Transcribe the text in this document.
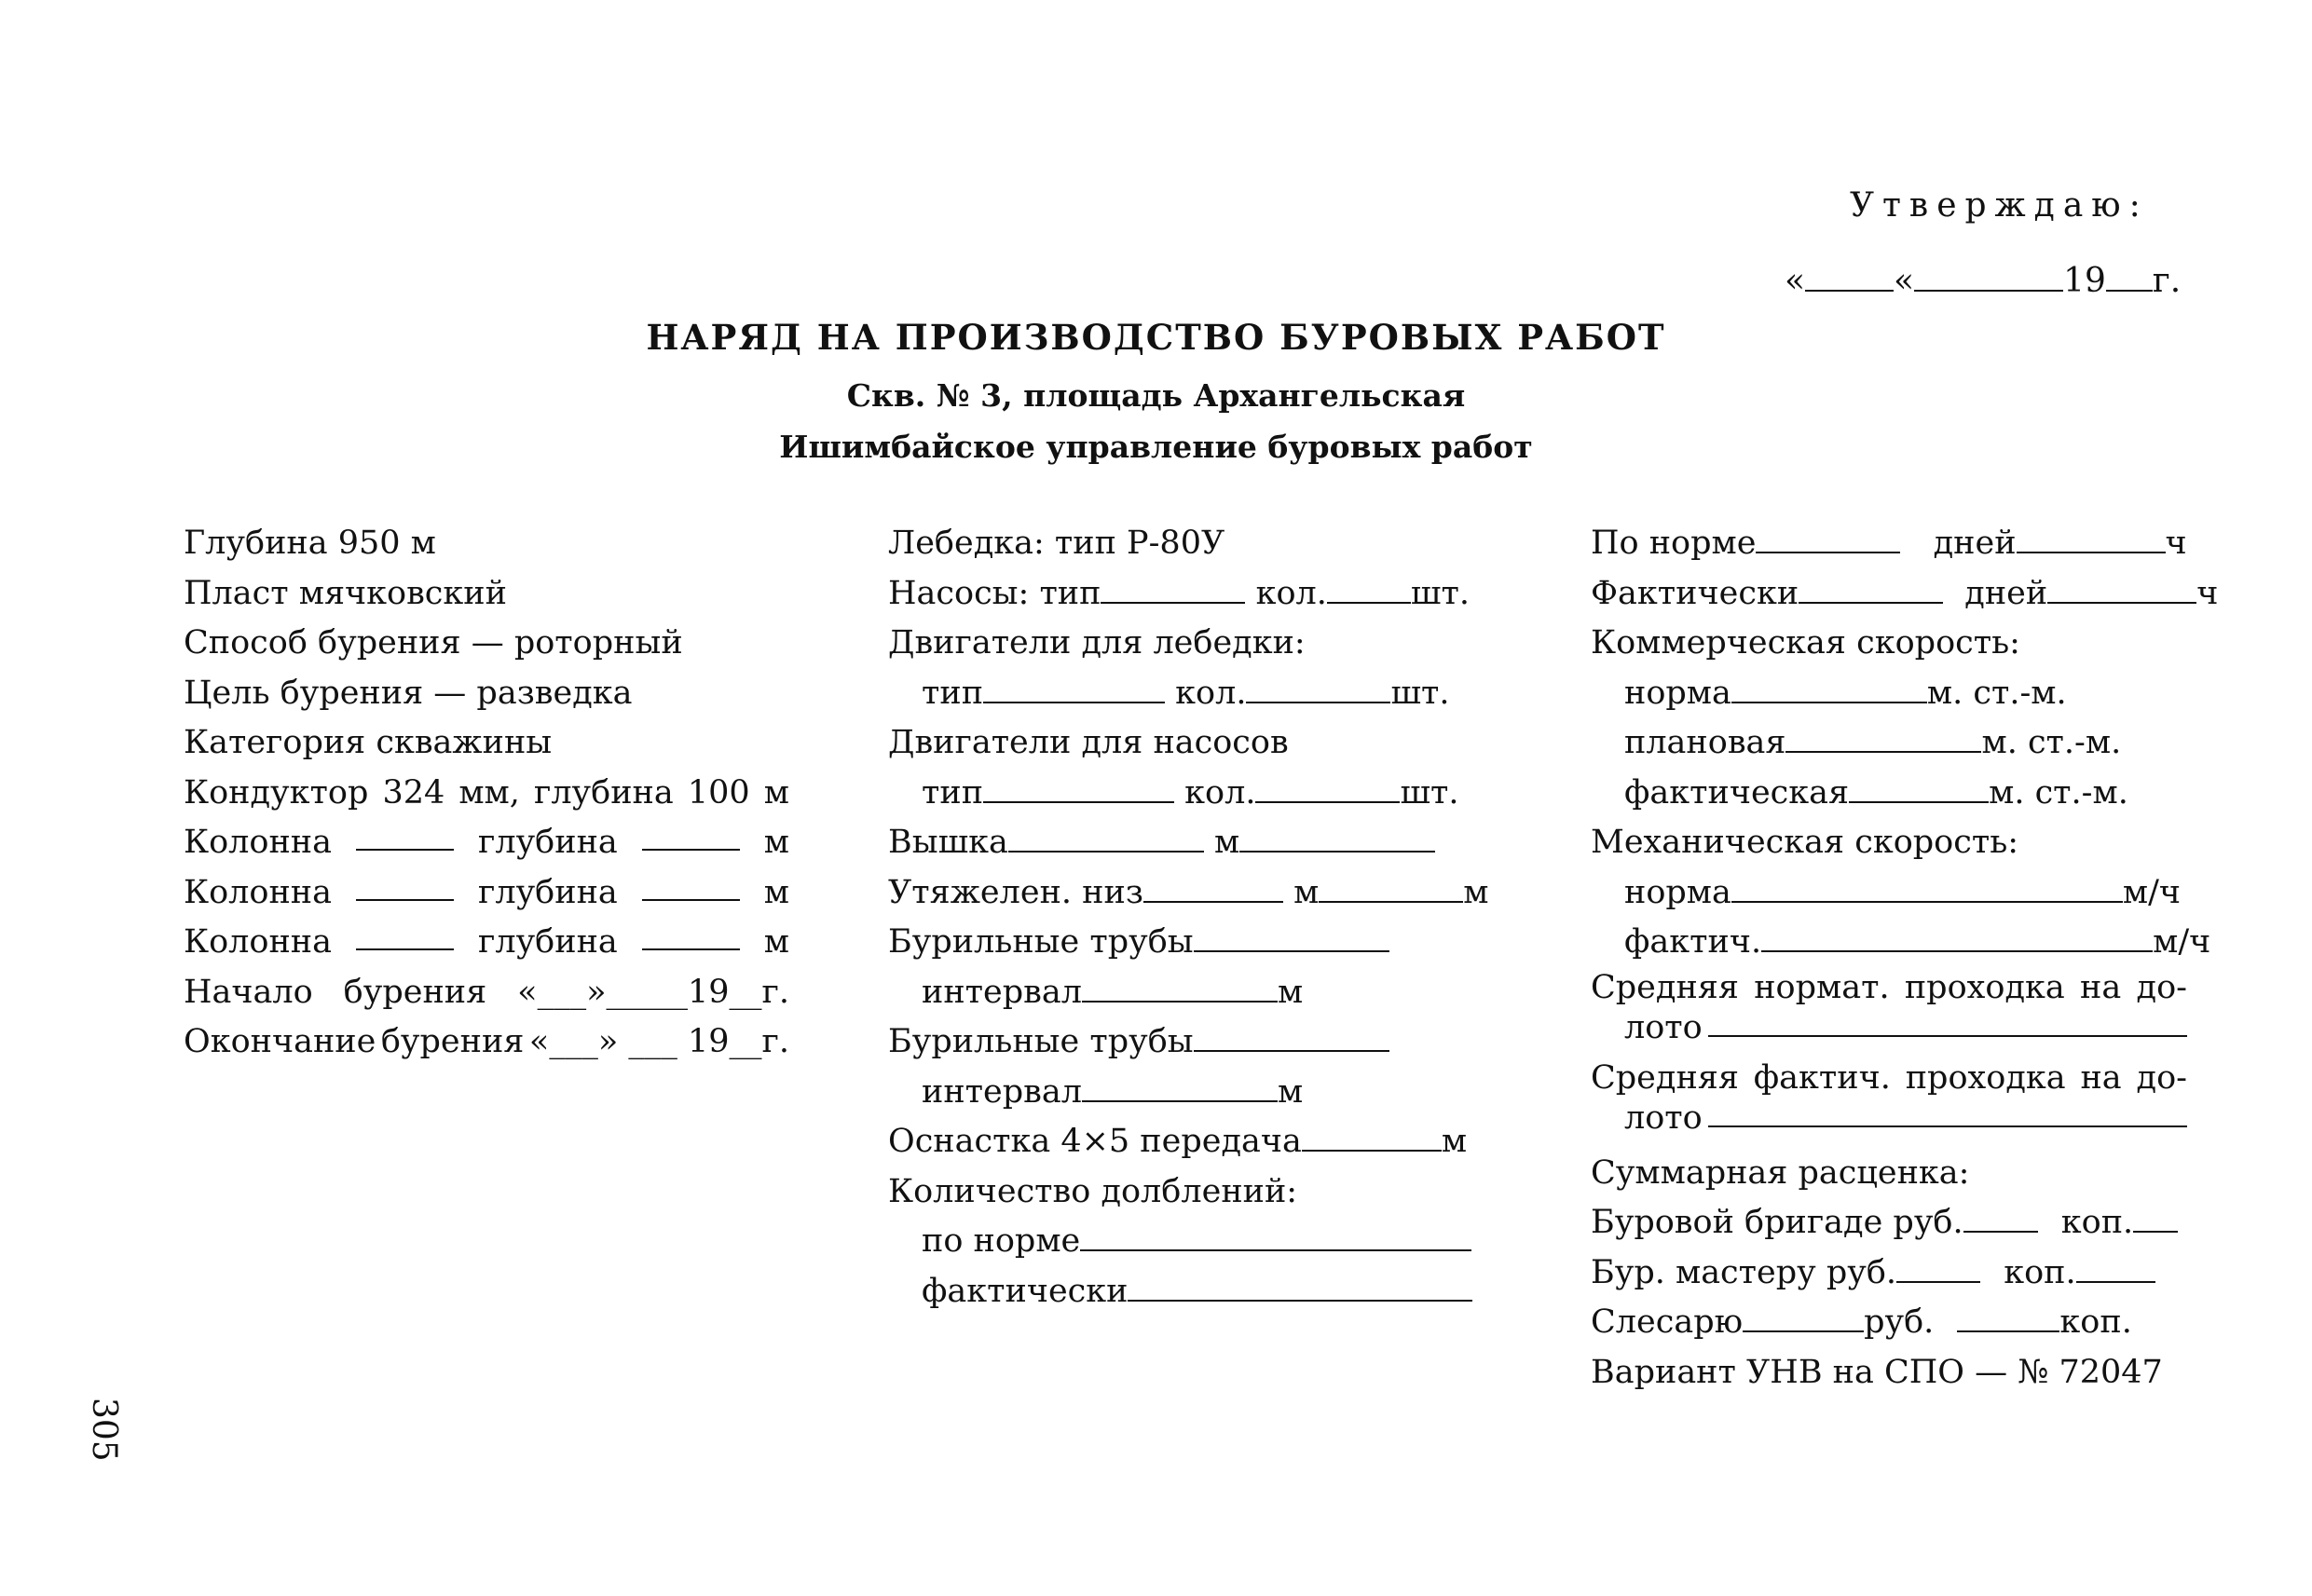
Утверждаю:
«	«	19 г.
НАРЯД НА ПРОИЗВОДСТВО БУРОВЫХ РАБОТ
Скв. № 3, площадь Архангельская
Ишимбайское управление буровых работ
Глубина 950 м
Пласт мячковский
Способ бурения — роторный
Цель бурения — разведка
Категория скважины
Кондуктор 324 мм, глубина 100 м
Колонна	глубина	м
Колонна	глубина	м
Колонна	глубина	м
Начало бурения «___»_____19__г.
Окончание бурения «___» ___ 19__г.
Лебедка: тип Р-80У
Насосы: тип	кол.	шт.
Двигатели для лебедки:
тип	кол.	шт.
Двигатели для насосов
тип	кол.	шт.
Вышка	м
Утяжелен. низ	м	м
Бурильные трубы
интервал	м
Бурильные трубы
интервал	м
Оснастка 4×5 передача	м
Количество долблений:
по норме
фактически
По норме	дней	ч
Фактически	дней	ч
Коммерческая скорость:
норма	м. ст.-м.
плановая	м. ст.-м.
фактическая	м. ст.-м.
Механическая скорость:
норма	м/ч
фактич.	м/ч
Средняя нормат. проходка на до-
лото
Средняя фактич. проходка на до-
лото
Суммарная расценка:
Буровой бригаде руб.	коп.
Бур. мастеру руб.	коп.
Слесарю	руб.	коп.
Вариант УНВ на СПО — № 72047
305
